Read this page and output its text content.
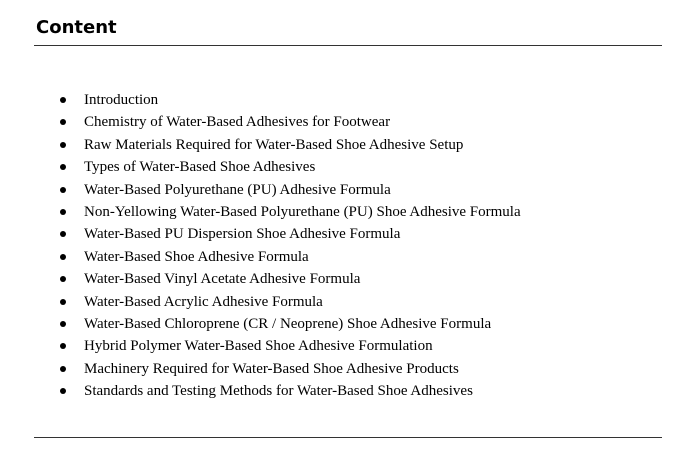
Content
Introduction
Chemistry of Water-Based Adhesives for Footwear
Raw Materials Required for Water-Based Shoe Adhesive Setup
Types of Water-Based Shoe Adhesives
Water-Based Polyurethane (PU) Adhesive Formula
Non-Yellowing Water-Based Polyurethane (PU) Shoe Adhesive Formula
Water-Based PU Dispersion Shoe Adhesive Formula
Water-Based Shoe Adhesive Formula
Water-Based Vinyl Acetate Adhesive Formula
Water-Based Acrylic Adhesive Formula
Water-Based Chloroprene (CR / Neoprene) Shoe Adhesive Formula
Hybrid Polymer Water-Based Shoe Adhesive Formulation
Machinery Required for Water-Based Shoe Adhesive Products
Standards and Testing Methods for Water-Based Shoe Adhesives
